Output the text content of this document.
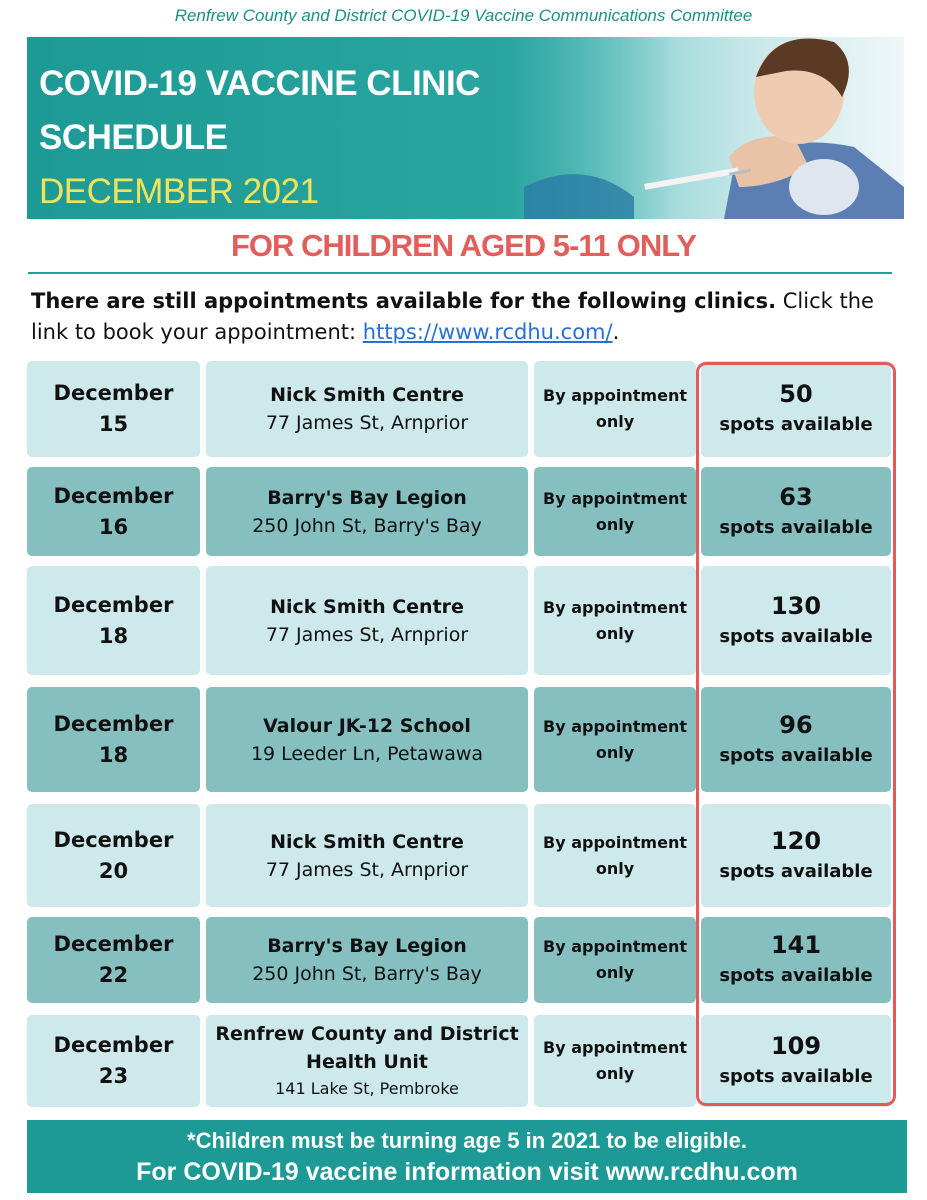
Renfrew County and District COVID-19 Vaccine Communications Committee
COVID-19 VACCINE CLINIC
SCHEDULE
DECEMBER 2021
FOR CHILDREN AGED 5-11 ONLY
There are still appointments available for the following clinics. Click the link to book your appointment: https://www.rcdhu.com/.
December
15
Nick Smith Centre
77 James St, Arnprior
By appointment
only
50
spots available
December
16
Barry's Bay Legion
250 John St, Barry's Bay
By appointment
only
63
spots available
December
18
Nick Smith Centre
77 James St, Arnprior
By appointment
only
130
spots available
December
18
Valour JK-12 School
19 Leeder Ln, Petawawa
By appointment
only
96
spots available
December
20
Nick Smith Centre
77 James St, Arnprior
By appointment
only
120
spots available
December
22
Barry's Bay Legion
250 John St, Barry's Bay
By appointment
only
141
spots available
December
23
Renfrew County and District
Health Unit
141 Lake St, Pembroke
By appointment
only
109
spots available
*Children must be turning age 5 in 2021 to be eligible.
For COVID-19 vaccine information visit www.rcdhu.com
